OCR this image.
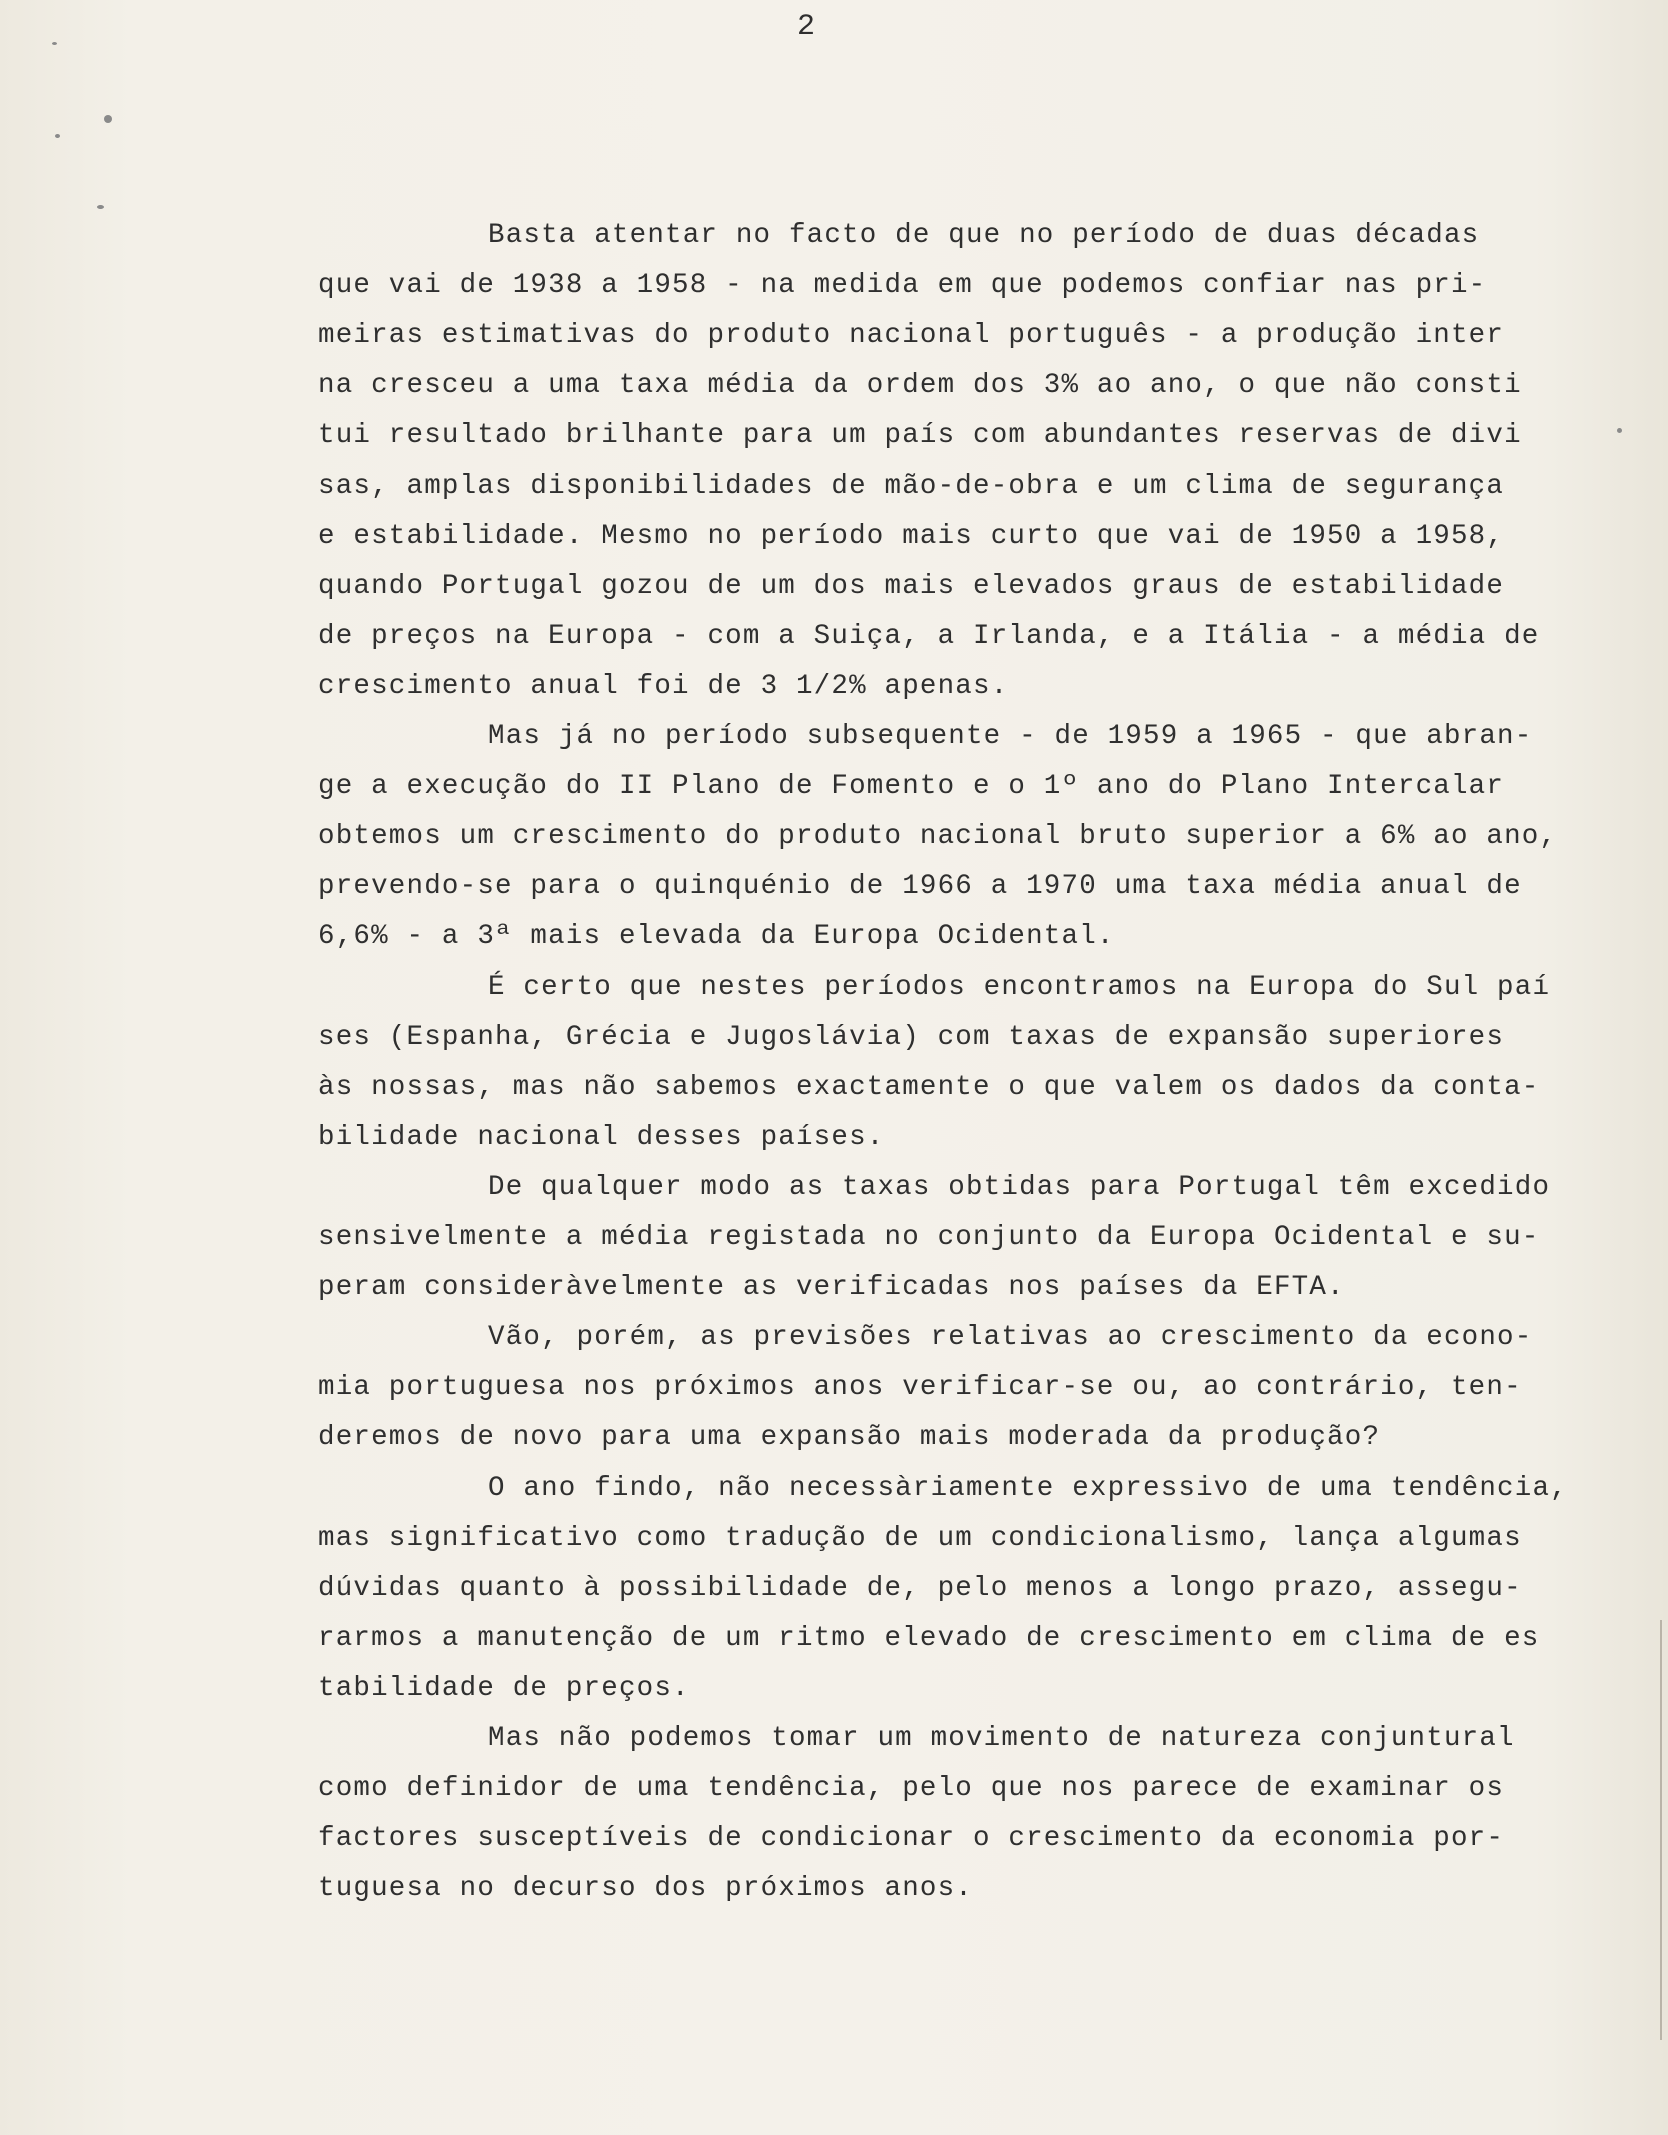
2
Basta atentar no facto de que no período de duas décadas
que vai de 1938 a 1958 - na medida em que podemos confiar nas pri-
meiras estimativas do produto nacional português - a produção inter
na cresceu a uma taxa média da ordem dos 3% ao ano, o que não consti
tui resultado brilhante para um país com abundantes reservas de divi
sas, amplas disponibilidades de mão-de-obra e um clima de segurança
e estabilidade. Mesmo no período mais curto que vai de 1950 a 1958,
quando Portugal gozou de um dos mais elevados graus de estabilidade
de preços na Europa - com a Suiça, a Irlanda, e a Itália - a média de
crescimento anual foi de 3 1/2% apenas.
Mas já no período subsequente - de 1959 a 1965 - que abran-
ge a execução do II Plano de Fomento e o 1º ano do Plano Intercalar
obtemos um crescimento do produto nacional bruto superior a 6% ao ano,
prevendo-se para o quinquénio de 1966 a 1970 uma taxa média anual de
6,6% - a 3ª mais elevada da Europa Ocidental.
É certo que nestes períodos encontramos na Europa do Sul paí
ses (Espanha, Grécia e Jugoslávia) com taxas de expansão superiores
às nossas, mas não sabemos exactamente o que valem os dados da conta-
bilidade nacional desses países.
De qualquer modo as taxas obtidas para Portugal têm excedido
sensivelmente a média registada no conjunto da Europa Ocidental e su-
peram consideràvelmente as verificadas nos países da EFTA.
Vão, porém, as previsões relativas ao crescimento da econo-
mia portuguesa nos próximos anos verificar-se ou, ao contrário, ten-
deremos de novo para uma expansão mais moderada da produção?
O ano findo, não necessàriamente expressivo de uma tendência,
mas significativo como tradução de um condicionalismo, lança algumas
dúvidas quanto à possibilidade de, pelo menos a longo prazo, assegu-
rarmos a manutenção de um ritmo elevado de crescimento em clima de es
tabilidade de preços.
Mas não podemos tomar um movimento de natureza conjuntural
como definidor de uma tendência, pelo que nos parece de examinar os
factores susceptíveis de condicionar o crescimento da economia por-
tuguesa no decurso dos próximos anos.
